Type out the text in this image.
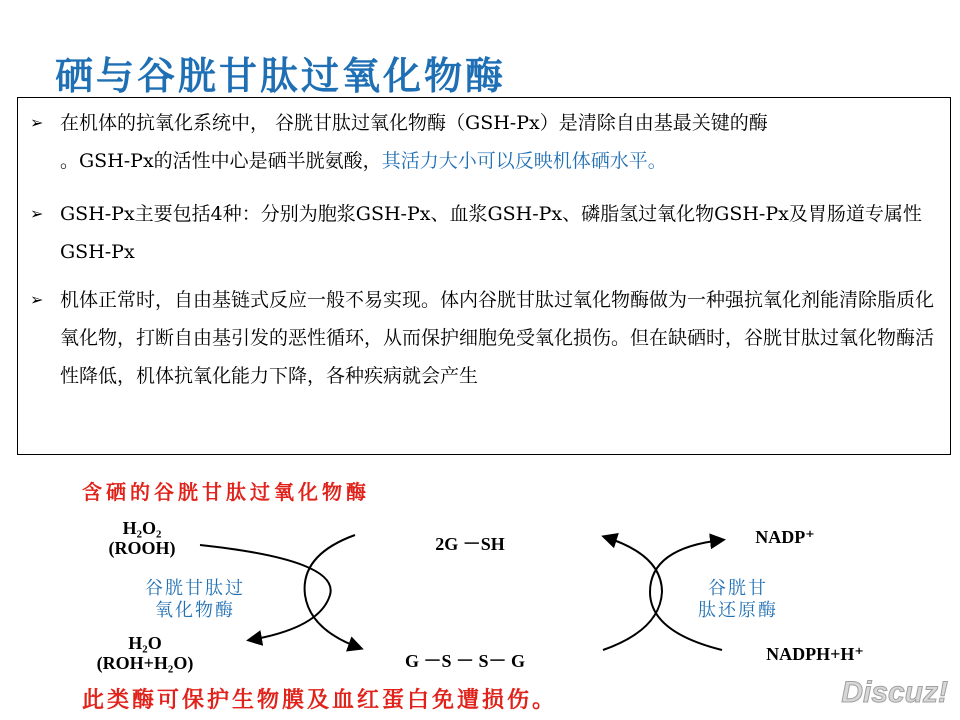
硒与谷胱甘肽过氧化物酶
➢ 在机体的抗氧化系统中， 谷胱甘肽过氧化物酶（GSH-Px）是清除自由基最关键的酶
。GSH-Px的活性中心是硒半胱氨酸，其活力大小可以反映机体硒水平。
➢ GSH-Px主要包括4种：分别为胞浆GSH-Px、血浆GSH-Px、磷脂氢过氧化物GSH-Px及胃肠道专属性GSH-Px
➢ 机体正常时，自由基链式反应一般不易实现。体内谷胱甘肽过氧化物酶做为一种强抗氧化剂能清除脂质化氧化物，打断自由基引发的恶性循环，从而保护细胞免受氧化损伤。但在缺硒时，谷胱甘肽过氧化物酶活性降低，机体抗氧化能力下降，各种疾病就会产生
含硒的谷胱甘肽过氧化物酶
H₂O₂
(ROOH)
H₂O
(ROH+H₂O)
2G －SH
G －S － S－ G
NADP⁺
NADPH+H⁺
谷胱甘肽过
氧化物酶
谷胱甘
肽还原酶
此类酶可保护生物膜及血红蛋白免遭损伤。	Discuz!
